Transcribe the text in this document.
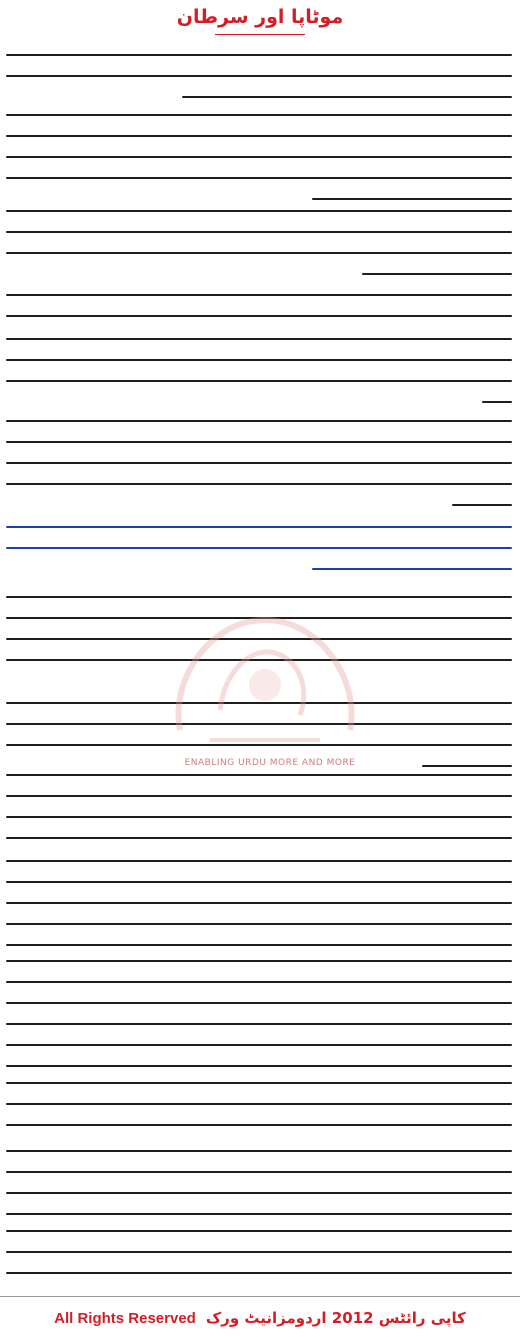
موٹاپا اور سرطان
ENABLING URDU MORE AND MORE
All Rights Reserved کاپی رائٹس 2012 اردومزانیٹ ورک
